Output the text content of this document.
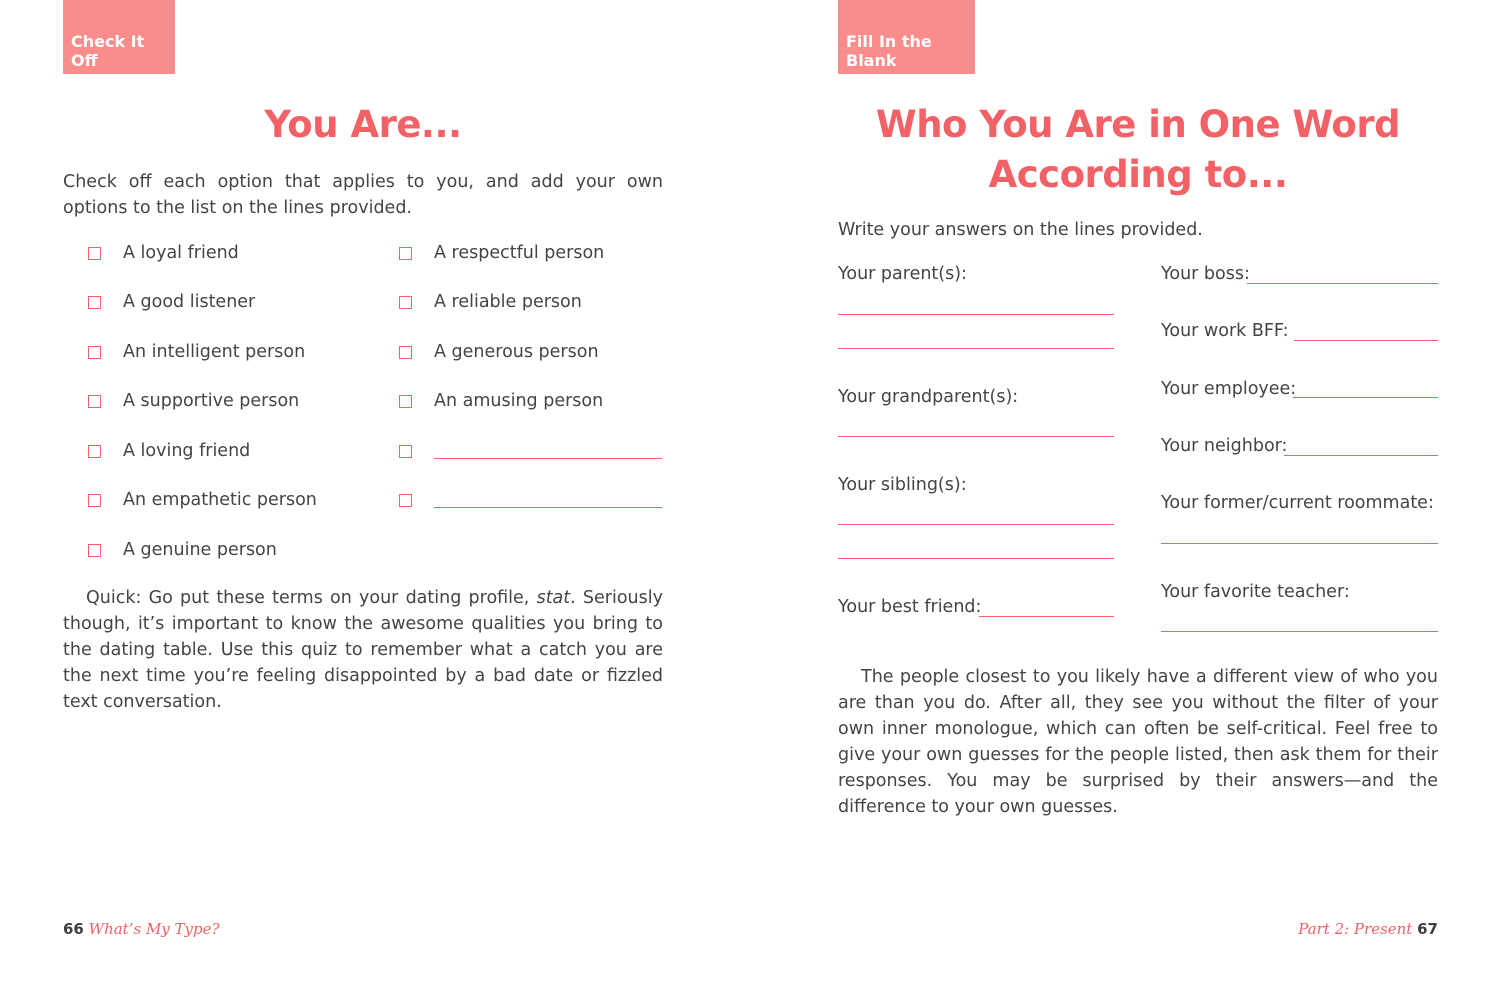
Check It Off
You Are...

Check off each option that applies to you, and add your own options to the list on the lines provided.

A loyal friend
A good listener
An intelligent person
A supportive person
A loving friend
An empathetic person
A genuine person
A respectful person
A reliable person
A generous person
An amusing person

Quick: Go put these terms on your dating profile, stat. Seriously though, it’s important to know the awesome qualities you bring to the dating table. Use this quiz to remember what a catch you are the next time you’re feeling disappointed by a bad date or fizzled text conversation.

66 What’s My Type?
Fill In the Blank
Who You Are in One Word
According to...

Write your answers on the lines provided.

Your parent(s):
Your grandparent(s):
Your sibling(s):
Your best friend:
Your boss:
Your work BFF:
Your employee:
Your neighbor:
Your former/current roommate:
Your favorite teacher:

The people closest to you likely have a different view of who you are than you do. After all, they see you without the filter of your own inner monologue, which can often be self-critical. Feel free to give your own guesses for the people listed, then ask them for their responses. You may be surprised by their answers—and the difference to your own guesses.

Part 2: Present 67
